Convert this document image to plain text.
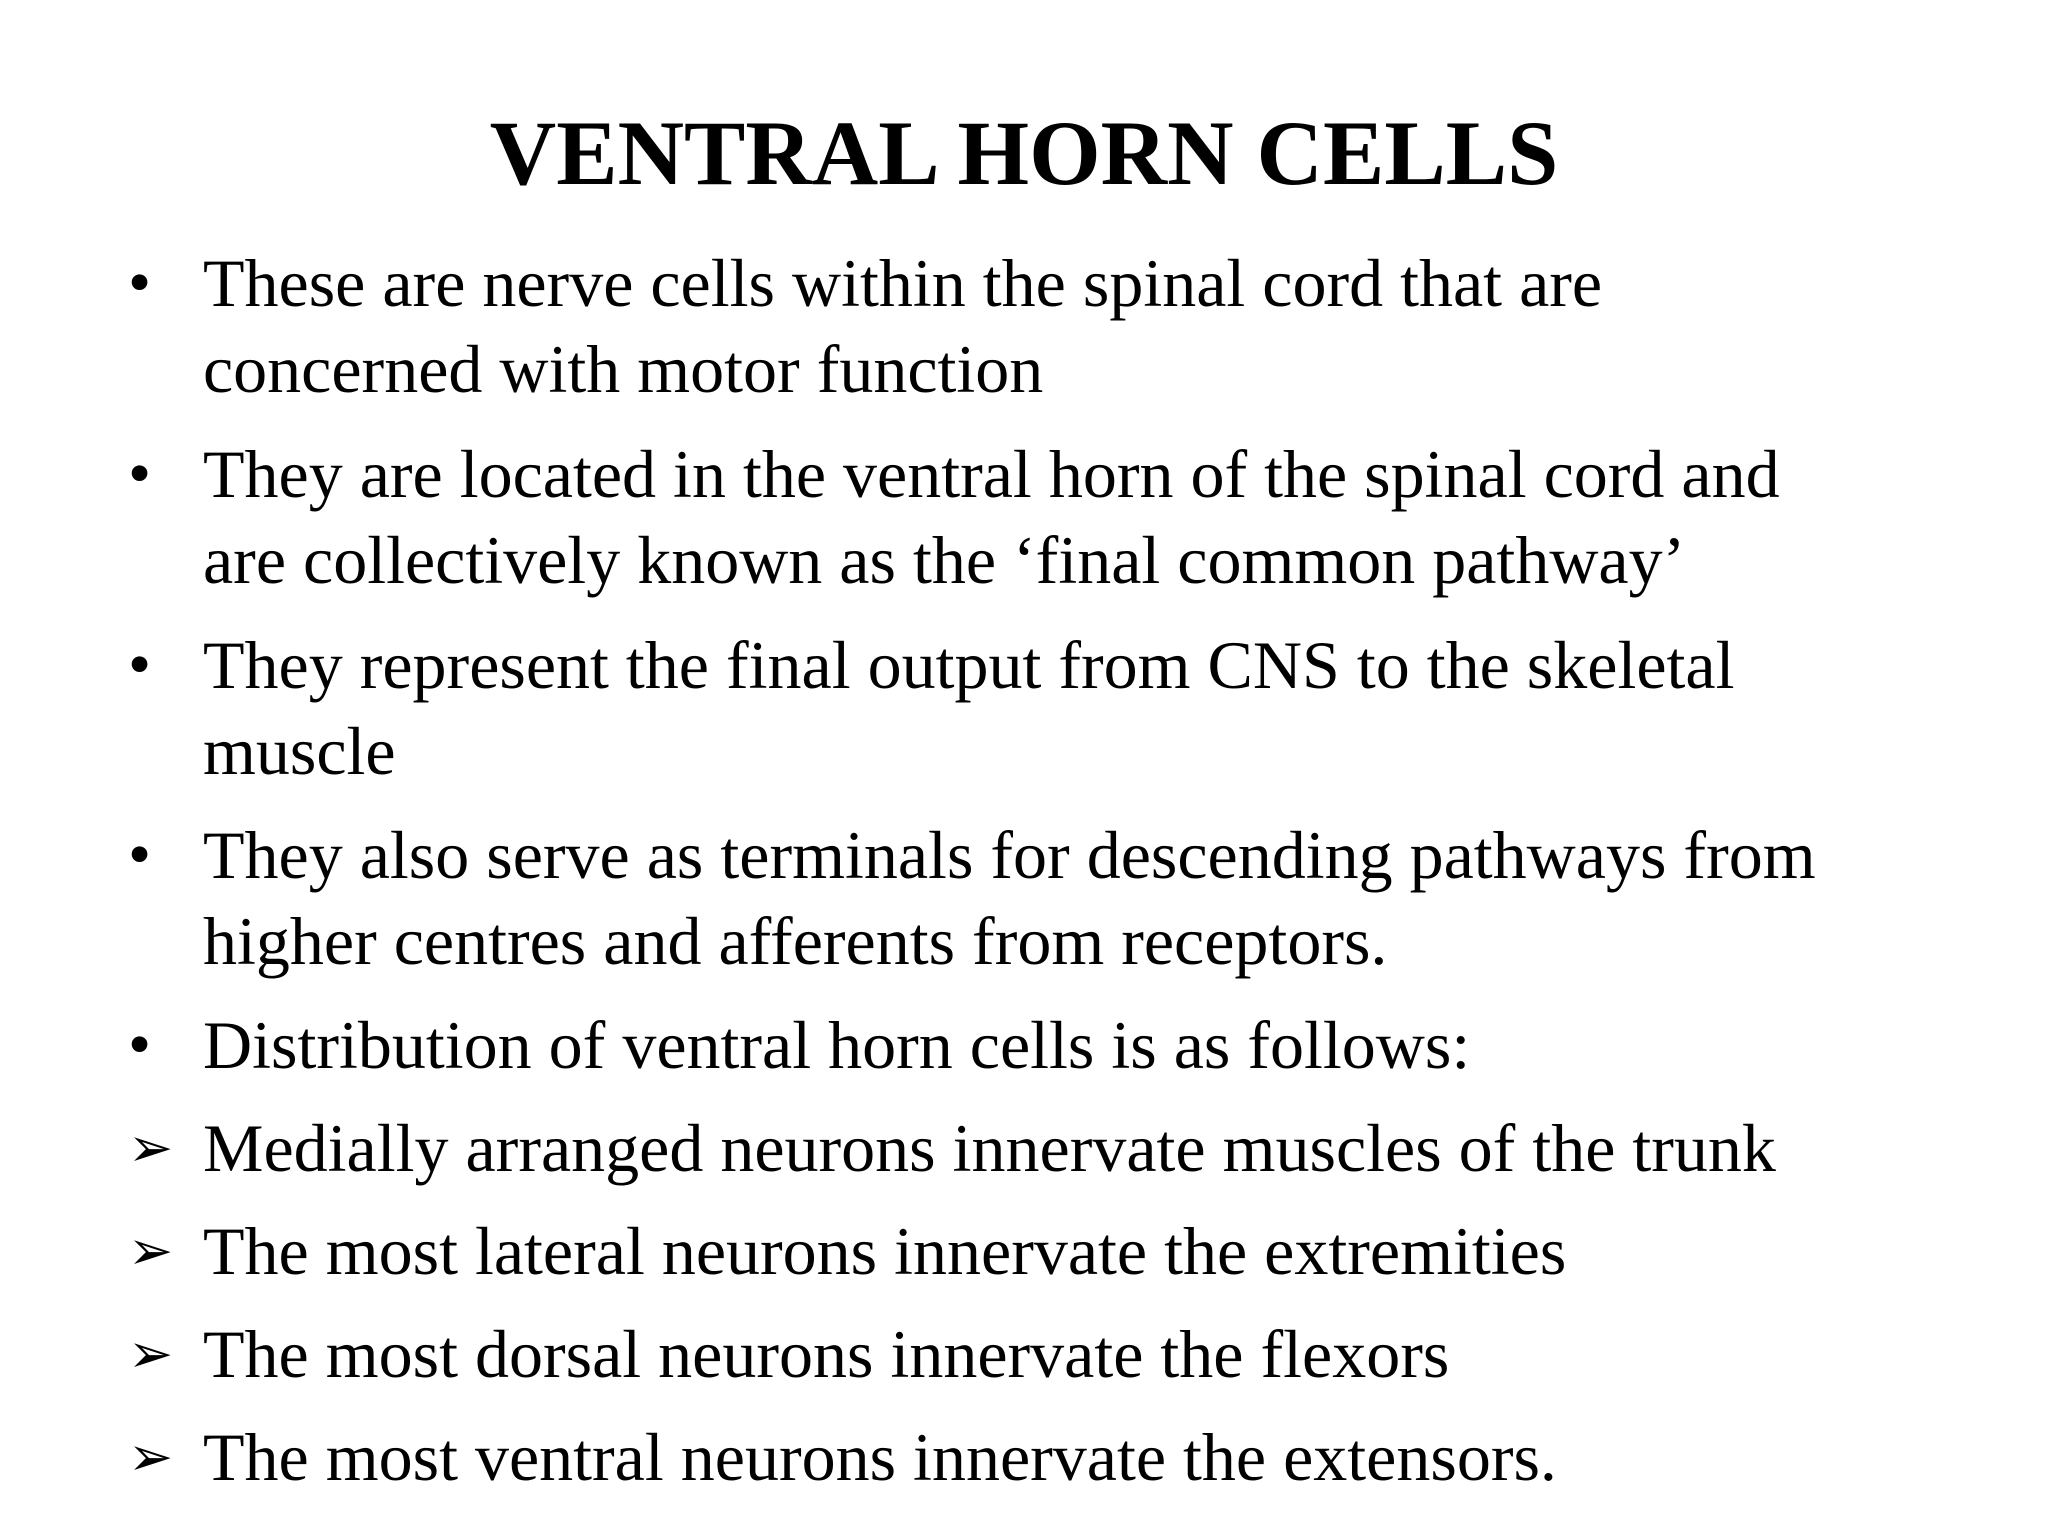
VENTRAL HORN CELLS
• These are nerve cells within the spinal cord that are
concerned with motor function
• They are located in the ventral horn of the spinal cord and
are collectively known as the ‘final common pathway’
• They represent the final output from CNS to the skeletal
muscle
• They also serve as terminals for descending pathways from
higher centres and afferents from receptors.
• Distribution of ventral horn cells is as follows:
➢ Medially arranged neurons innervate muscles of the trunk
➢ The most lateral neurons innervate the extremities
➢ The most dorsal neurons innervate the flexors
➢ The most ventral neurons innervate the extensors.
